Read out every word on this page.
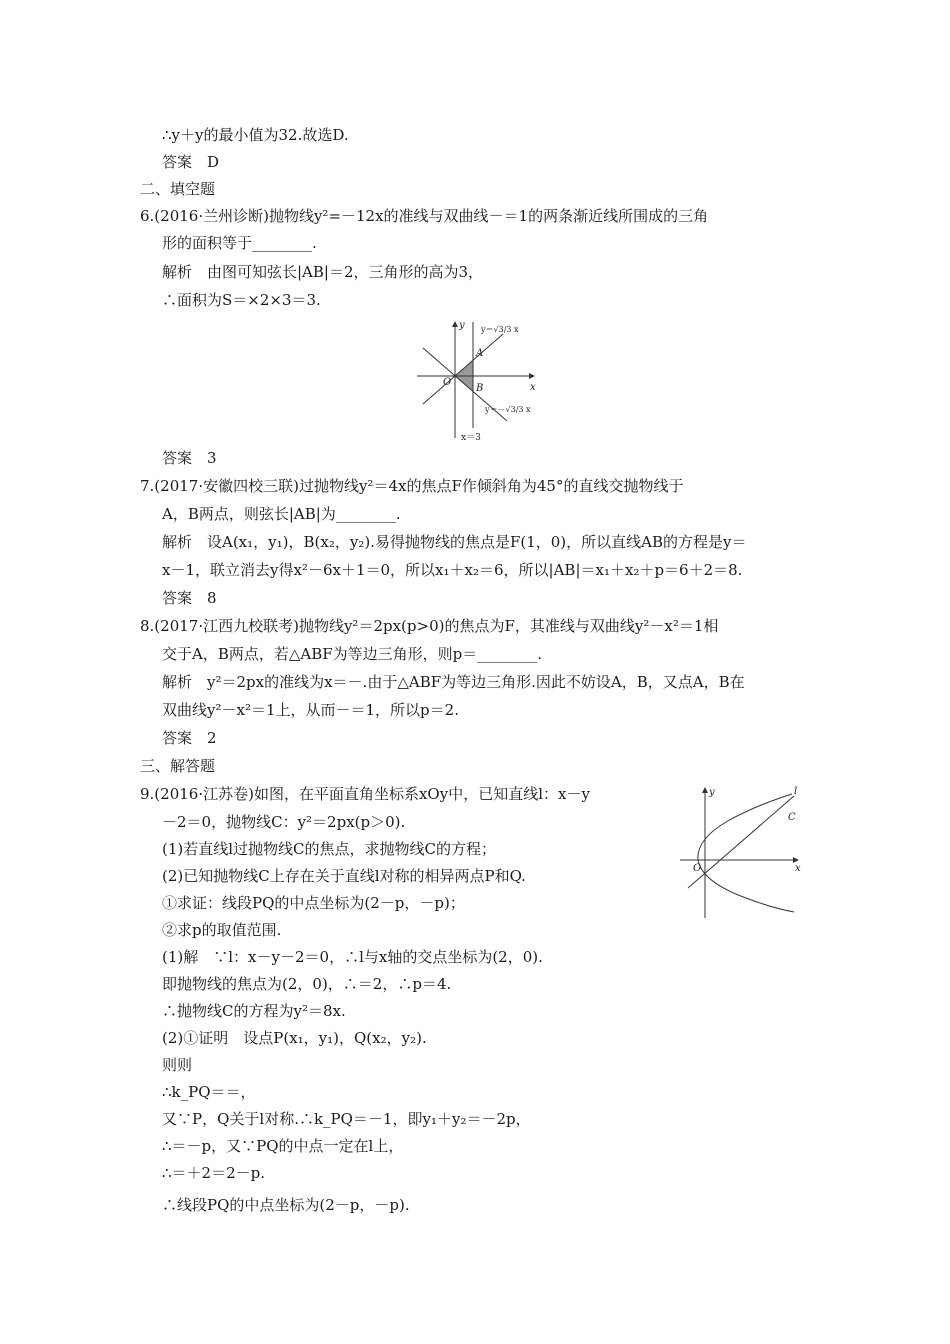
∴y＋y的最小值为32.故选D.
答案　D
二、填空题
6.(2016·兰州诊断)抛物线y²=－12x的准线与双曲线－＝1的两条渐近线所围成的三角
形的面积等于________.
解析　由图可知弦长|AB|＝2，三角形的高为3，
∴面积为S＝×2×3＝3.
x
y
O
A
B
y＝√3/3 x
y＝－√3/3 x
x＝3
答案　3
7.(2017·安徽四校三联)过抛物线y²＝4x的焦点F作倾斜角为45°的直线交抛物线于
A，B两点，则弦长|AB|为________.
解析　设A(x₁，y₁)，B(x₂，y₂).易得抛物线的焦点是F(1，0)，所以直线AB的方程是y＝
x－1，联立消去y得x²－6x＋1＝0，所以x₁＋x₂＝6，所以|AB|＝x₁＋x₂＋p＝6＋2＝8.
答案　8
8.(2017·江西九校联考)抛物线y²＝2px(p>0)的焦点为F，其准线与双曲线y²－x²＝1相
交于A，B两点，若△ABF为等边三角形，则p＝________.
解析　y²＝2px的准线为x＝－.由于△ABF为等边三角形.因此不妨设A，B，又点A，B在
双曲线y²－x²＝1上，从而－＝1，所以p＝2.
答案　2
三、解答题
9.(2016·江苏卷)如图，在平面直角坐标系xOy中，已知直线l：x－y
－2＝0，抛物线C：y²＝2px(p＞0).
(1)若直线l过抛物线C的焦点，求抛物线C的方程；
(2)已知抛物线C上存在关于直线l对称的相异两点P和Q.
①求证：线段PQ的中点坐标为(2－p，－p)；
②求p的取值范围.
x
y
O
l
C
(1)解　∵l：x－y－2＝0，∴l与x轴的交点坐标为(2，0).
即抛物线的焦点为(2，0)，∴＝2，∴p＝4.
∴抛物线C的方程为y²＝8x.
(2)①证明　设点P(x₁，y₁)，Q(x₂，y₂).
则则
∴k_PQ＝＝，
又∵P，Q关于l对称.∴k_PQ＝－1，即y₁＋y₂＝－2p，
∴＝－p，又∵PQ的中点一定在l上，
∴＝＋2＝2－p.
∴线段PQ的中点坐标为(2－p，－p).
